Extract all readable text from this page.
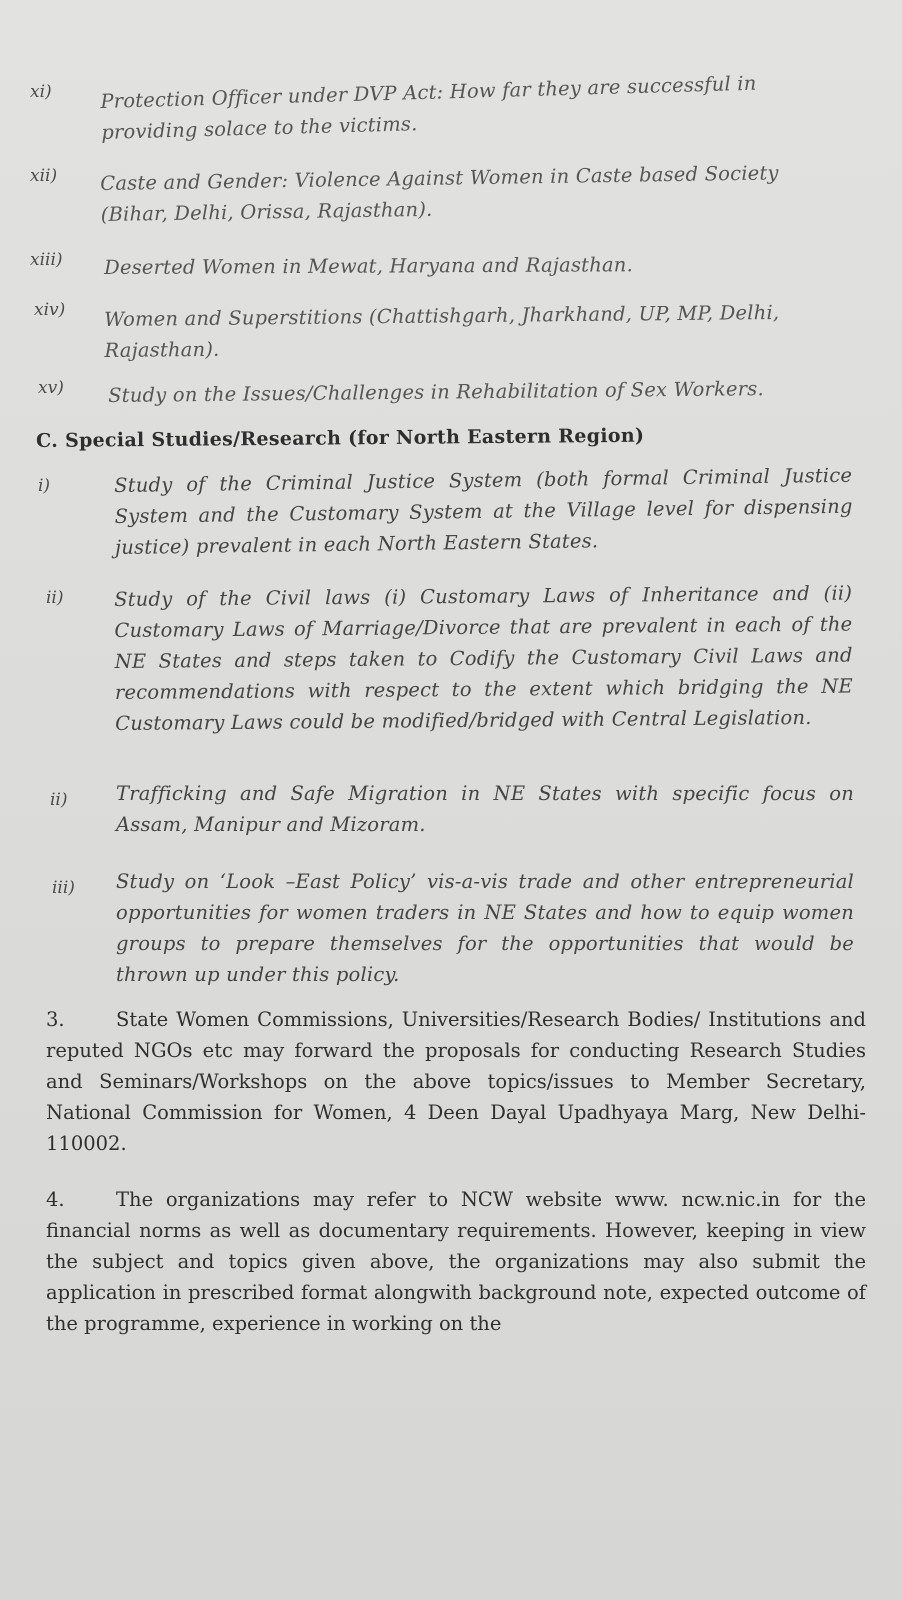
xi) Protection Officer under DVP Act: How far they are successful in providing solace to the victims.
xii) Caste and Gender: Violence Against Women in Caste based Society (Bihar, Delhi, Orissa, Rajasthan).
xiii) Deserted Women in Mewat, Haryana and Rajasthan.
xiv) Women and Superstitions (Chattishgarh, Jharkhand, UP, MP, Delhi, Rajasthan).
xv) Study on the Issues/Challenges in Rehabilitation of Sex Workers.
C. Special Studies/Research (for North Eastern Region)
i)	Study of the Criminal Justice System (both formal Criminal Justice System and the Customary System at the Village level for dispensing justice) prevalent in each North Eastern States.
ii)	Study of the Civil laws (i) Customary Laws of Inheritance and (ii) Customary Laws of Marriage/Divorce that are prevalent in each of the NE States and steps taken to Codify the Customary Civil Laws and recommendations with respect to the extent which bridging the NE Customary Laws could be modified/bridged with Central Legislation.
ii) Trafficking and Safe Migration in NE States with specific focus on Assam, Manipur and Mizoram.
iii) Study on ‘Look –East Policy’ vis-a-vis trade and other entrepreneurial opportunities for women traders in NE States and how to equip women groups to prepare themselves for the opportunities that would be thrown up under this policy.
3.	State Women Commissions, Universities/Research Bodies/ Institutions and reputed NGOs etc may forward the proposals for conducting Research Studies and Seminars/Workshops on the above topics/issues to Member Secretary, National Commission for Women, 4 Deen Dayal Upadhyaya Marg, New Delhi-110002.
4.	The organizations may refer to NCW website www. ncw.nic.in for the financial norms as well as documentary requirements. However, keeping in view the subject and topics given above, the organizations may also submit the application in prescribed format alongwith background note, expected outcome of the programme, experience in working on the
